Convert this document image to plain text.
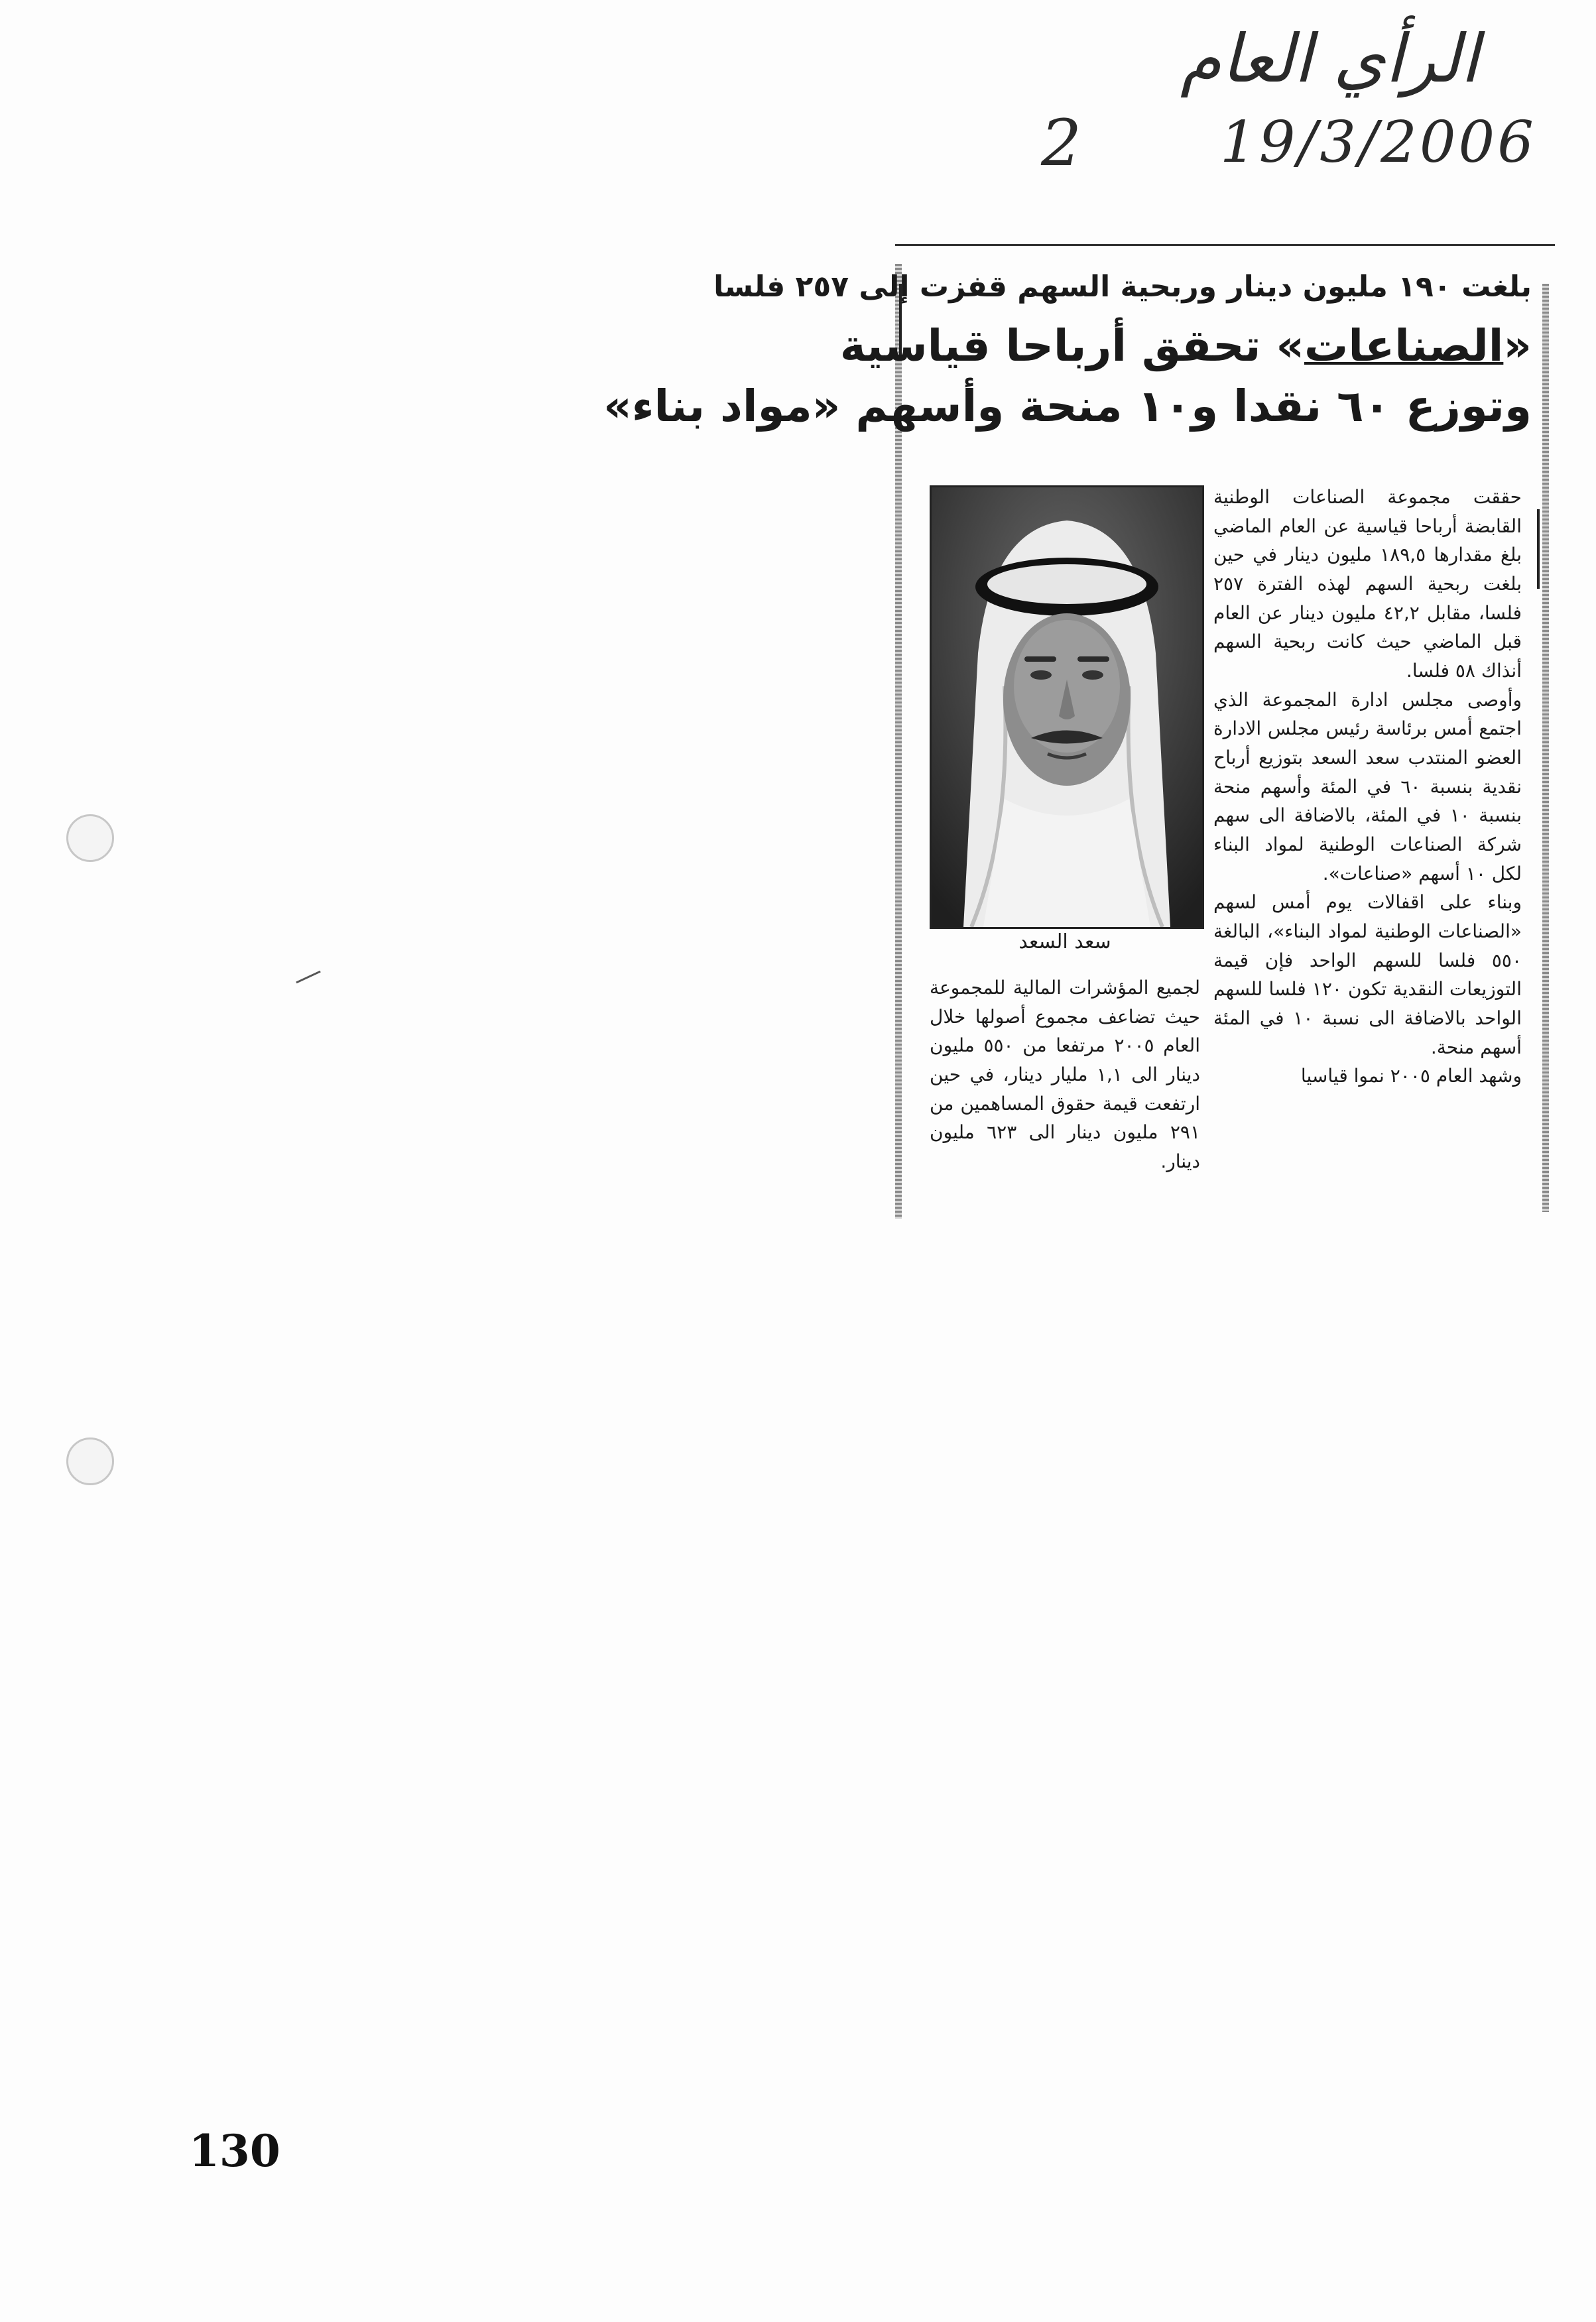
الرأي العام
2 19/3/2006
بلغت ١٩٠ مليون دينار وربحية السهم قفزت إلى ٢٥٧ فلسا
«الصناعات» تحقق أرباحا قياسية
وتوزع ٦٠ نقدا و١٠ منحة وأسهم «مواد بناء»
سعد السعد

حققت مجموعة الصناعات الوطنية القابضة أرباحا قياسية عن العام الماضي بلغ مقدارها ١٨٩,٥ مليون دينار في حين بلغت ربحية السهم لهذه الفترة ٢٥٧ فلسا، مقابل ٤٢,٢ مليون دينار عن العام قبل الماضي حيث كانت ربحية السهم أنذاك ٥٨ فلسا.

وأوصى مجلس ادارة المجموعة الذي اجتمع أمس برئاسة رئيس مجلس الادارة العضو المنتدب سعد السعد بتوزيع أرباح نقدية بنسبة ٦٠ في المئة وأسهم منحة بنسبة ١٠ في المئة، بالاضافة الى سهم شركة الصناعات الوطنية لمواد البناء لكل ١٠ أسهم «صناعات».

وبناء على اقفالات يوم أمس لسهم «الصناعات الوطنية لمواد البناء»، البالغة ٥٥٠ فلسا للسهم الواحد فإن قيمة التوزيعات النقدية تكون ١٢٠ فلسا للسهم الواحد بالاضافة الى نسبة ١٠ في المئة أسهم منحة.

وشهد العام ٢٠٠٥ نموا قياسيا

لجميع المؤشرات المالية للمجموعة حيث تضاعف مجموع أصولها خلال العام ٢٠٠٥ مرتفعا من ٥٥٠ مليون دينار الى ١,١ مليار دينار، في حين ارتفعت قيمة حقوق المساهمين من ٢٩١ مليون دينار الى ٦٢٣ مليون دينار.

130
